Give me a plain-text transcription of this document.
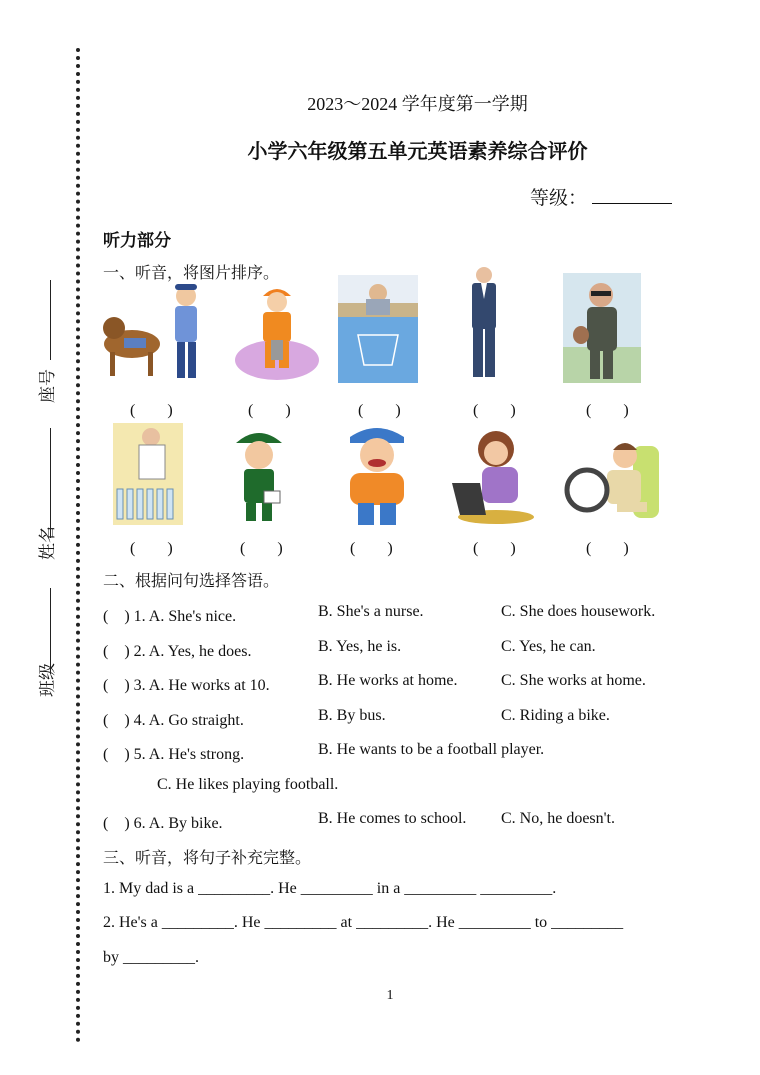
座号
姓名
班级
2023～2024 学年度第一学期
小学六年级第五单元英语素养综合评价
等级：
听力部分
一、听音，将图片排序。
(　　)	(　　)	(　　)	(　　)	(　　)
(　　)	(　　)	(　　)	(　　)	(　　)
二、根据问句选择答语。
(　) 1. A. She's nice.	B. She's a nurse.	C. She does housework.
(　) 2. A. Yes, he does.	B. Yes, he is.	C. Yes, he can.
(　) 3. A. He works at 10.	B. He works at home.	C. She works at home.
(　) 4. A. Go straight.	B. By bus.	C. Riding a bike.
(　) 5. A. He's strong.	B. He wants to be a football player.
C. He likes playing football.
(　) 6. A. By bike.	B. He comes to school. C. No, he doesn't.
三、听音，将句子补充完整。
1. My dad is a _________. He _________ in a _________ _________.
2. He's a _________. He _________ at _________. He _________ to _________
by _________.
1
